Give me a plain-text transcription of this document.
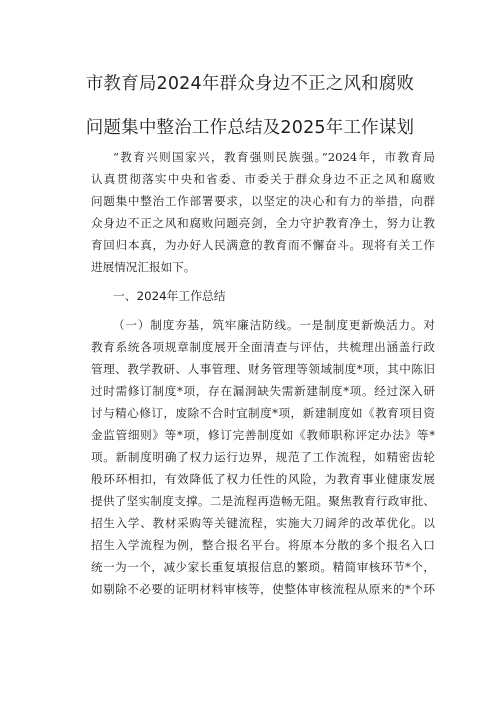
市教育局2024年群众身边不正之风和腐败
问题集中整治工作总结及2025年工作谋划
“教育兴则国家兴，教育强则民族强。”2024年，市教育局
认真贯彻落实中央和省委、市委关于群众身边不正之风和腐败
问题集中整治工作部署要求，以坚定的决心和有力的举措，向群
众身边不正之风和腐败问题亮剑，全力守护教育净土，努力让教
育回归本真，为办好人民满意的教育而不懈奋斗。现将有关工作
进展情况汇报如下。
一、2024年工作总结
（一）制度夯基，筑牢廉洁防线。一是制度更新焕活力。对
教育系统各项规章制度展开全面清查与评估，共梳理出涵盖行政
管理、教学教研、人事管理、财务管理等领域制度*项，其中陈旧
过时需修订制度*项，存在漏洞缺失需新建制度*项。经过深入研
讨与精心修订，废除不合时宜制度*项，新建制度如《教育项目资
金监管细则》等*项，修订完善制度如《教师职称评定办法》等*
项。新制度明确了权力运行边界，规范了工作流程，如精密齿轮
般环环相扣，有效降低了权力任性的风险，为教育事业健康发展
提供了坚实制度支撑。二是流程再造畅无阻。聚焦教育行政审批、
招生入学、教材采购等关键流程，实施大刀阔斧的改革优化。以
招生入学流程为例，整合报名平台。将原本分散的多个报名入口
统一为一个，减少家长重复填报信息的繁琐。精简审核环节*个，
如剔除不必要的证明材料审核等，使整体审核流程从原来的*个环
